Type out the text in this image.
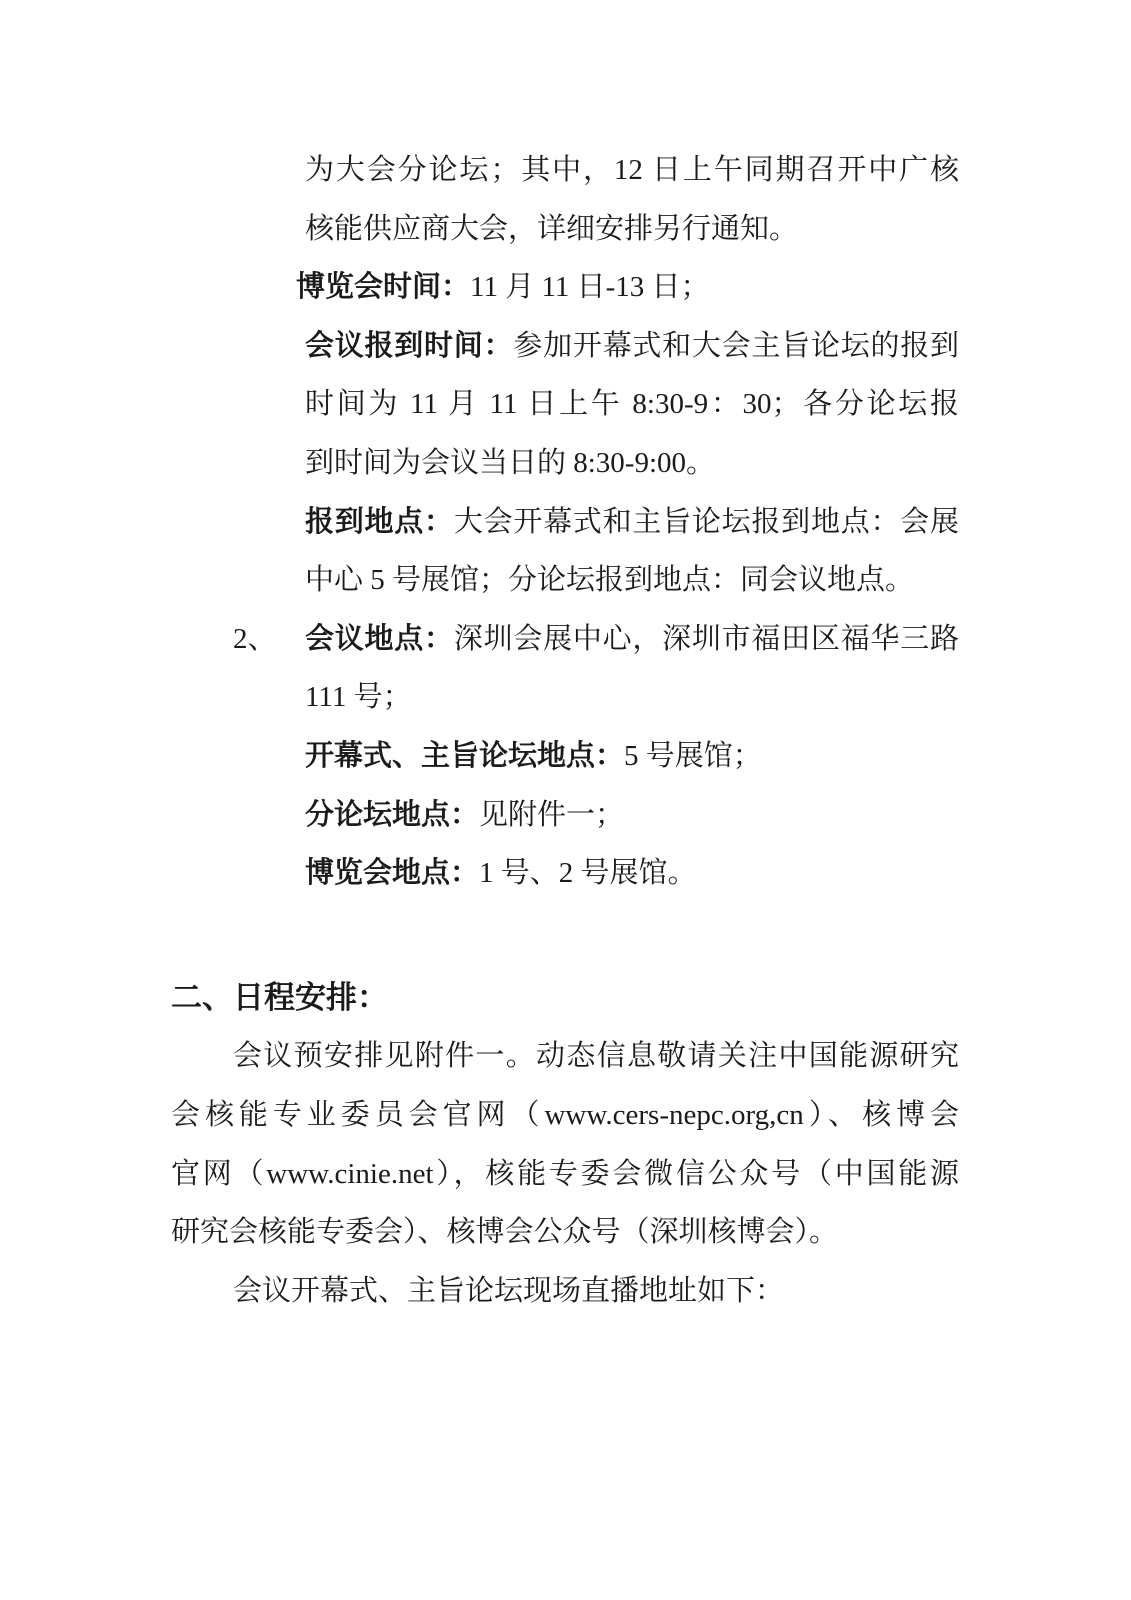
为大会分论坛；其中，12 日上午同期召开中广核
核能供应商大会，详细安排另行通知。
博览会时间：11 月 11 日-13 日；
会议报到时间：参加开幕式和大会主旨论坛的报到
时间为 11 月 11 日上午 8:30-9：30；各分论坛报
到时间为会议当日的 8:30-9:00。
报到地点：大会开幕式和主旨论坛报到地点：会展
中心 5 号展馆；分论坛报到地点：同会议地点。
2、 会议地点：深圳会展中心，深圳市福田区福华三路
111 号；
开幕式、主旨论坛地点：5 号展馆；
分论坛地点：见附件一；
博览会地点：1 号、2 号展馆。
二、日程安排：
会议预安排见附件一。动态信息敬请关注中国能源研究
会核能专业委员会官网（www.cers-nepc.org,cn）、核博会
官网（www.cinie.net），核能专委会微信公众号（中国能源
研究会核能专委会）、核博会公众号（深圳核博会）。
会议开幕式、主旨论坛现场直播地址如下：
